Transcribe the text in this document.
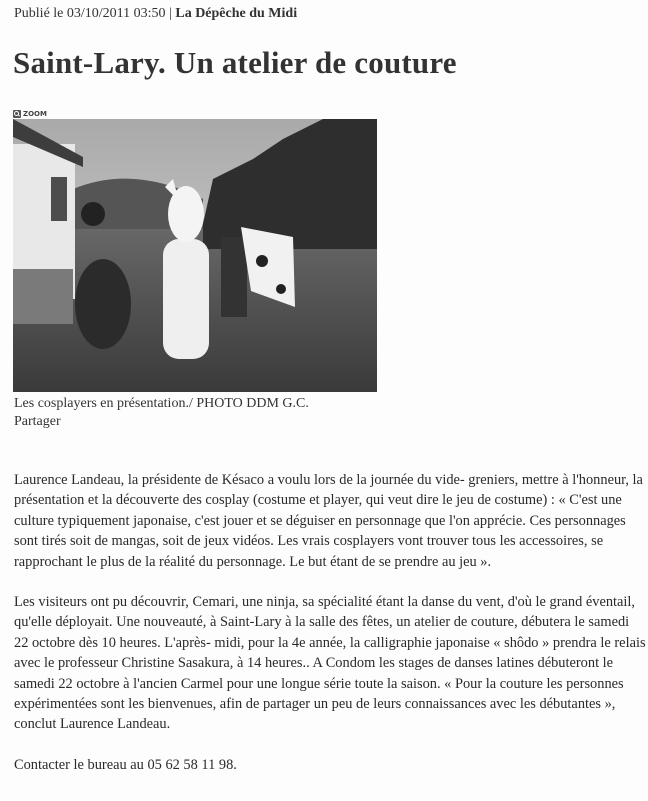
Publié le 03/10/2011 03:50 | La Dépêche du Midi
Saint-Lary. Un atelier de couture
ZOOM
Les cosplayers en présentation./ PHOTO DDM G.C.
Partager

Laurence Landeau, la présidente de Késaco a voulu lors de la journée du vide- greniers, mettre à l'honneur, la présentation et la découverte des cosplay (costume et player, qui veut dire le jeu de costume) : « C'est une culture typiquement japonaise, c'est jouer et se déguiser en personnage que l'on apprécie. Ces personnages sont tirés soit de mangas, soit de jeux vidéos. Les vrais cosplayers vont trouver tous les accessoires, se rapprochant le plus de la réalité du personnage. Le but étant de se prendre au jeu ».

Les visiteurs ont pu découvrir, Cemari, une ninja, sa spécialité étant la danse du vent, d'où le grand éventail, qu'elle déployait. Une nouveauté, à Saint-Lary à la salle des fêtes, un atelier de couture, débutera le samedi 22 octobre dès 10 heures. L'après- midi, pour la 4e année, la calligraphie japonaise « shôdo » prendra le relais avec le professeur Christine Sasakura, à 14 heures.. A Condom les stages de danses latines débuteront le samedi 22 octobre à l'ancien Carmel pour une longue série toute la saison. « Pour la couture les personnes expérimentées sont les bienvenues, afin de partager un peu de leurs connaissances avec les débutantes », conclut Laurence Landeau.

Contacter le bureau au 05 62 58 11 98.
